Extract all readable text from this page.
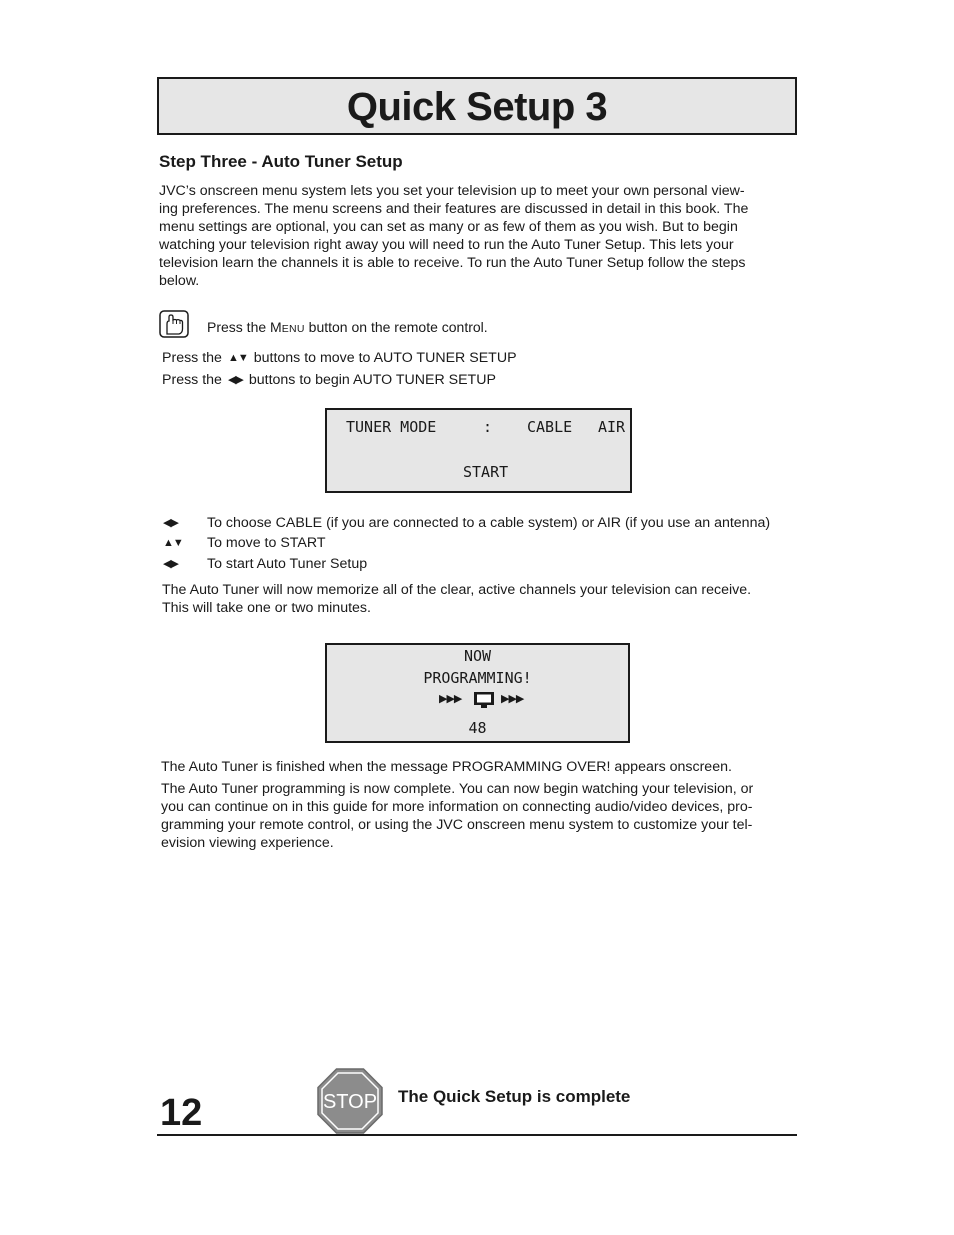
Quick Setup 3
Step Three - Auto Tuner Setup
JVC’s onscreen menu system lets you set your television up to meet your own personal view-
ing preferences. The menu screens and their features are discussed in detail in this book. The
menu settings are optional, you can set as many or as few of them as you wish. But to begin
watching your television right away you will need to run the Auto Tuner Setup. This lets your
television learn the channels it is able to receive. To run the Auto Tuner Setup follow the steps
below.
Press the MENU button on the remote control.
Press the ▲▼ buttons to move to AUTO TUNER SETUP
Press the ◀▶ buttons to begin AUTO TUNER SETUP
TUNER MODE	: CABLE AIR
START
◀▶ To choose CABLE (if you are connected to a cable system) or AIR (if you use an antenna)
▲▼ To move to START
◀▶ To start Auto Tuner Setup
The Auto Tuner will now memorize all of the clear, active channels your television can receive.
This will take one or two minutes.
NOW
PROGRAMMING!
▶▶▶	▶▶▶
48
The Auto Tuner is finished when the message PROGRAMMING OVER! appears onscreen.
The Auto Tuner programming is now complete. You can now begin watching your television, or
you can continue on in this guide for more information on connecting audio/video devices, pro-
gramming your remote control, or using the JVC onscreen menu system to customize your tel-
evision viewing experience.
12	STOP The Quick Setup is complete
